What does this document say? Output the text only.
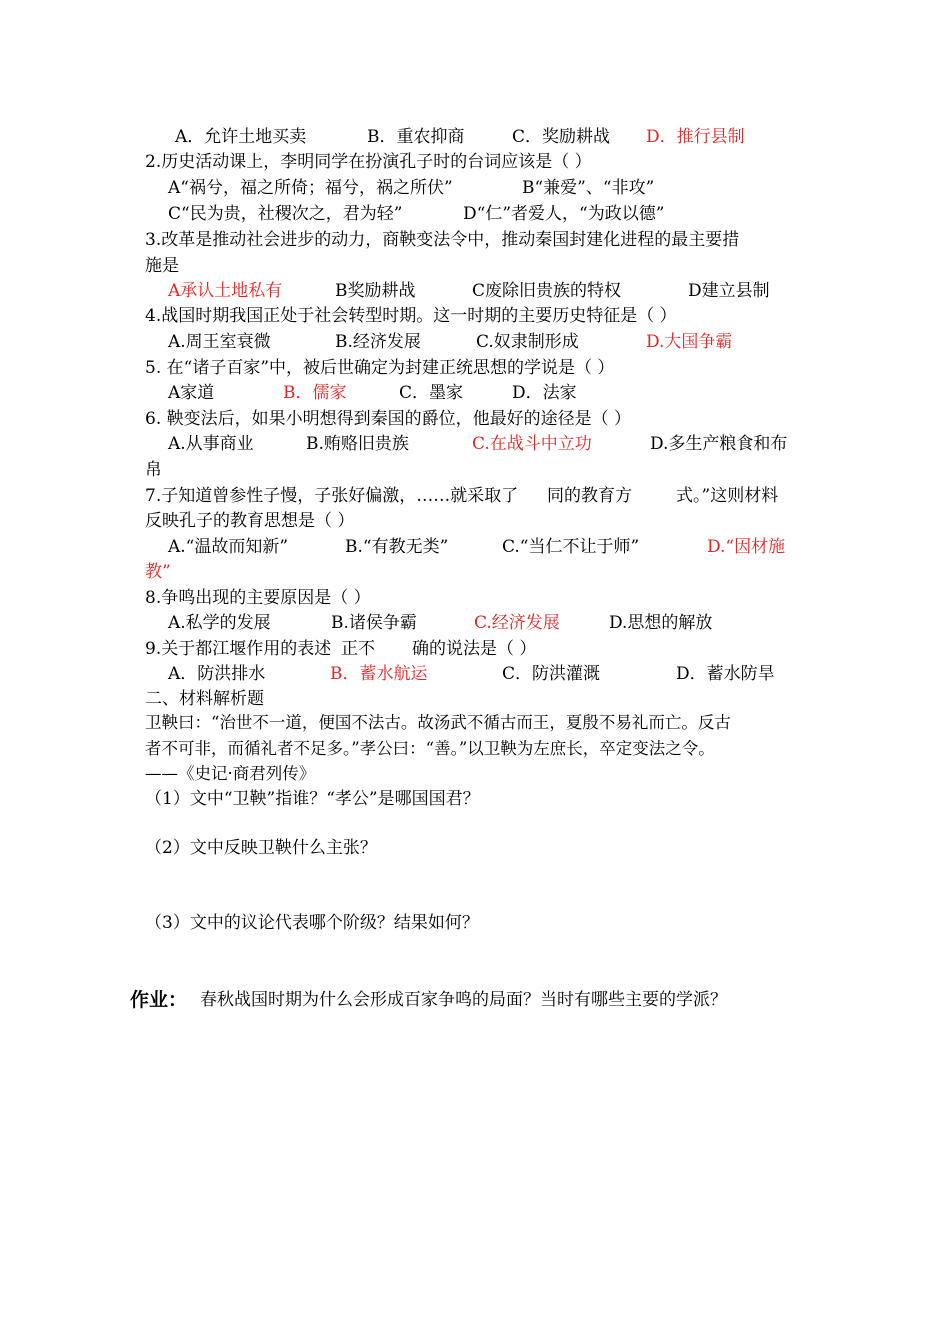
A．允许土地买卖	B．重农抑商	C．奖励耕战 D．推行县制
2.历史活动课上，李明同学在扮演孔子时的台词应该是（ ）
A“祸兮，福之所倚；福兮，祸之所伏”	B“兼爱”、“非攻”
C“民为贵，社稷次之，君为轻”	D“仁”者爱人，“为政以德”
3.改革是推动社会进步的动力，商鞅变法令中，推动秦国封建化进程的最主要措
施是
A承认土地私有	B奖励耕战	C废除旧贵族的特权	D建立县制
4.战国时期我国正处于社会转型时期。这一时期的主要历史特征是（ ）
A.周王室衰微	B.经济发展	C.奴隶制形成	D.大国争霸
5. 在“诸子百家”中，被后世确定为封建正统思想的学说是（ ）
A家道	B．儒家	C．墨家	D．法家
6. 鞅变法后，如果小明想得到秦国的爵位，他最好的途径是（ ）
A.从事商业	B.贿赂旧贵族	C.在战斗中立功	D.多生产粮食和布
帛
7.子知道曾参性子慢，子张好偏激，……就采取了 同的教育方	式。”这则材料
反映孔子的教育思想是（ ）
A.“温故而知新”	B.“有教无类”	C.“当仁不让于师”	D.“因材施
教”
8.争鸣出现的主要原因是（ ）
A.私学的发展	B.诸侯争霸	C.经济发展	D.思想的解放
9.关于都江堰作用的表述 正不 确的说法是（ ）
A．防洪排水	B．蓄水航运	C．防洪灌溉	D．蓄水防旱
二、材料解析题
卫鞅曰：“治世不一道，便国不法古。故汤武不循古而王，夏殷不易礼而亡。反古
者不可非，而循礼者不足多。”孝公曰：“善。”以卫鞅为左庶长，卒定变法之令。
——《史记·商君列传》
（1）文中“卫鞅”指谁？“孝公”是哪国国君？
（2）文中反映卫鞅什么主张？
（3）文中的议论代表哪个阶级？结果如何？
作业： 春秋战国时期为什么会形成百家争鸣的局面？当时有哪些主要的学派？
